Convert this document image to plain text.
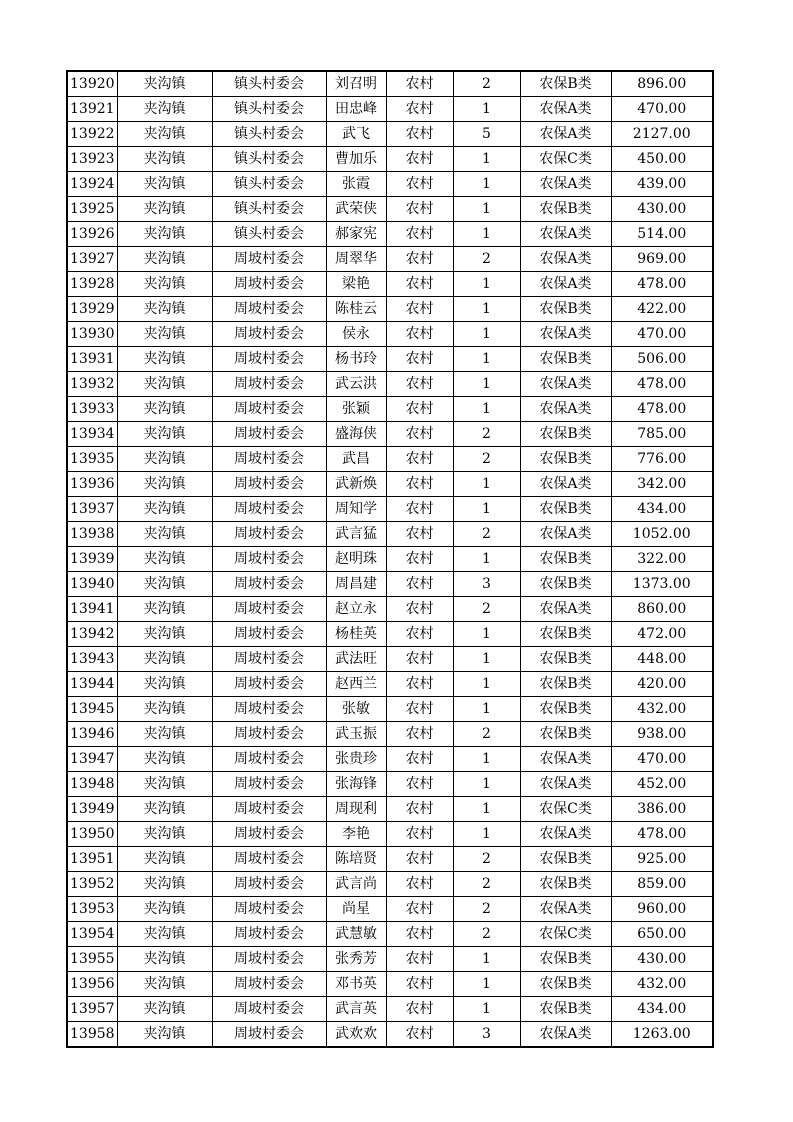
13920	夹沟镇	镇头村委会	刘召明	农村	2	农保B类	896.00
13921	夹沟镇	镇头村委会	田忠峰	农村	1	农保A类	470.00
13922	夹沟镇	镇头村委会	武飞	农村	5	农保A类	2127.00
13923	夹沟镇	镇头村委会	曹加乐	农村	1	农保C类	450.00
13924	夹沟镇	镇头村委会	张霞	农村	1	农保A类	439.00
13925	夹沟镇	镇头村委会	武荣侠	农村	1	农保B类	430.00
13926	夹沟镇	镇头村委会	郝家宪	农村	1	农保A类	514.00
13927	夹沟镇	周坡村委会	周翠华	农村	2	农保A类	969.00
13928	夹沟镇	周坡村委会	梁艳	农村	1	农保A类	478.00
13929	夹沟镇	周坡村委会	陈桂云	农村	1	农保B类	422.00
13930	夹沟镇	周坡村委会	侯永	农村	1	农保A类	470.00
13931	夹沟镇	周坡村委会	杨书玲	农村	1	农保B类	506.00
13932	夹沟镇	周坡村委会	武云洪	农村	1	农保A类	478.00
13933	夹沟镇	周坡村委会	张颖	农村	1	农保A类	478.00
13934	夹沟镇	周坡村委会	盛海侠	农村	2	农保B类	785.00
13935	夹沟镇	周坡村委会	武昌	农村	2	农保B类	776.00
13936	夹沟镇	周坡村委会	武新焕	农村	1	农保A类	342.00
13937	夹沟镇	周坡村委会	周知学	农村	1	农保B类	434.00
13938	夹沟镇	周坡村委会	武言猛	农村	2	农保A类	1052.00
13939	夹沟镇	周坡村委会	赵明珠	农村	1	农保B类	322.00
13940	夹沟镇	周坡村委会	周昌建	农村	3	农保B类	1373.00
13941	夹沟镇	周坡村委会	赵立永	农村	2	农保A类	860.00
13942	夹沟镇	周坡村委会	杨桂英	农村	1	农保B类	472.00
13943	夹沟镇	周坡村委会	武法旺	农村	1	农保B类	448.00
13944	夹沟镇	周坡村委会	赵西兰	农村	1	农保B类	420.00
13945	夹沟镇	周坡村委会	张敏	农村	1	农保B类	432.00
13946	夹沟镇	周坡村委会	武玉振	农村	2	农保B类	938.00
13947	夹沟镇	周坡村委会	张贵珍	农村	1	农保A类	470.00
13948	夹沟镇	周坡村委会	张海锋	农村	1	农保A类	452.00
13949	夹沟镇	周坡村委会	周现利	农村	1	农保C类	386.00
13950	夹沟镇	周坡村委会	李艳	农村	1	农保A类	478.00
13951	夹沟镇	周坡村委会	陈培贤	农村	2	农保B类	925.00
13952	夹沟镇	周坡村委会	武言尚	农村	2	农保B类	859.00
13953	夹沟镇	周坡村委会	尚星	农村	2	农保A类	960.00
13954	夹沟镇	周坡村委会	武慧敏	农村	2	农保C类	650.00
13955	夹沟镇	周坡村委会	张秀芳	农村	1	农保B类	430.00
13956	夹沟镇	周坡村委会	邓书英	农村	1	农保B类	432.00
13957	夹沟镇	周坡村委会	武言英	农村	1	农保B类	434.00
13958	夹沟镇	周坡村委会	武欢欢	农村	3	农保A类	1263.00
